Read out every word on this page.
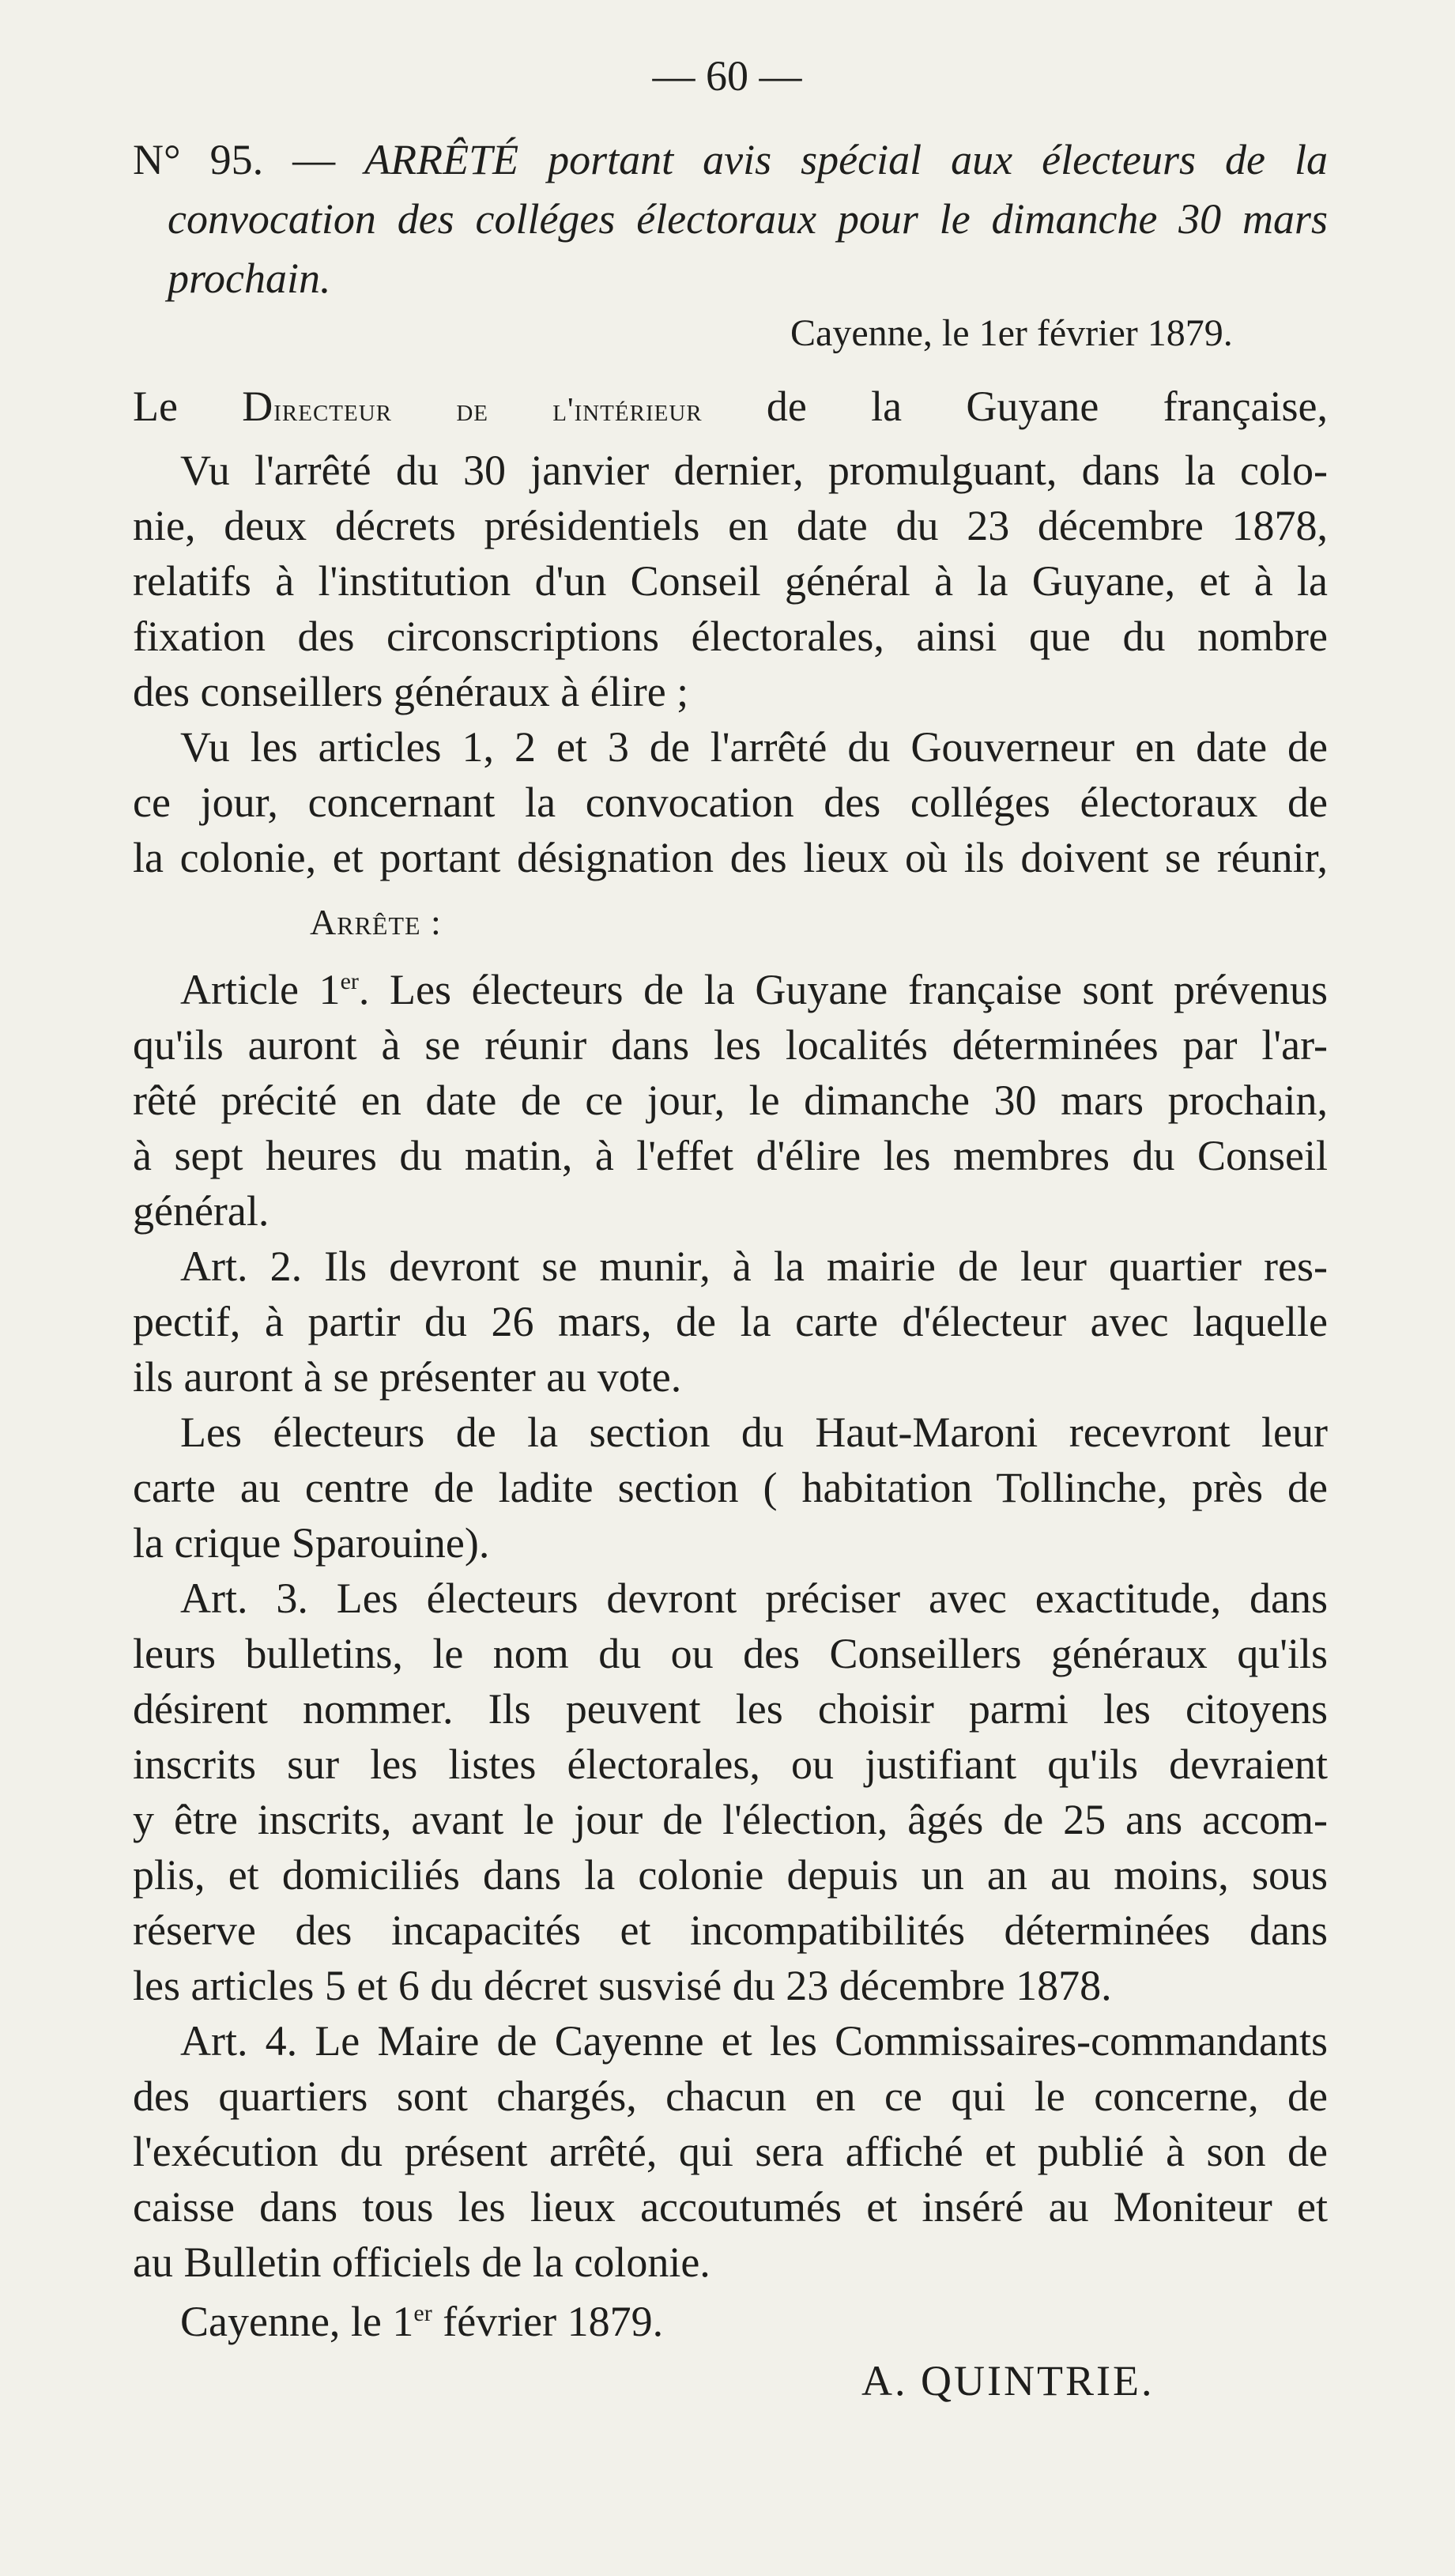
— 60 —
N° 95. — ARRÊTÉ portant avis spécial aux électeurs de la
convocation des colléges électoraux pour le dimanche 30 mars
prochain.
Cayenne, le 1er février 1879.
Le Directeur de l'intérieur de la Guyane française,
Vu l'arrêté du 30 janvier dernier, promulguant, dans la colo-
nie, deux décrets présidentiels en date du 23 décembre 1878,
relatifs à l'institution d'un Conseil général à la Guyane, et à la
fixation des circonscriptions électorales, ainsi que du nombre
des conseillers généraux à élire ;
Vu les articles 1, 2 et 3 de l'arrêté du Gouverneur en date de
ce jour, concernant la convocation des colléges électoraux de
la colonie, et portant désignation des lieux où ils doivent se réunir,
Arrête :
Article 1er. Les électeurs de la Guyane française sont prévenus
qu'ils auront à se réunir dans les localités déterminées par l'ar-
rêté précité en date de ce jour, le dimanche 30 mars prochain,
à sept heures du matin, à l'effet d'élire les membres du Conseil
général.
Art. 2. Ils devront se munir, à la mairie de leur quartier res-
pectif, à partir du 26 mars, de la carte d'électeur avec laquelle
ils auront à se présenter au vote.
Les électeurs de la section du Haut-Maroni recevront leur
carte au centre de ladite section ( habitation Tollinche, près de
la crique Sparouine).
Art. 3. Les électeurs devront préciser avec exactitude, dans
leurs bulletins, le nom du ou des Conseillers généraux qu'ils
désirent nommer. Ils peuvent les choisir parmi les citoyens
inscrits sur les listes électorales, ou justifiant qu'ils devraient
y être inscrits, avant le jour de l'élection, âgés de 25 ans accom-
plis, et domiciliés dans la colonie depuis un an au moins, sous
réserve des incapacités et incompatibilités déterminées dans
les articles 5 et 6 du décret susvisé du 23 décembre 1878.
Art. 4. Le Maire de Cayenne et les Commissaires-commandants
des quartiers sont chargés, chacun en ce qui le concerne, de
l'exécution du présent arrêté, qui sera affiché et publié à son de
caisse dans tous les lieux accoutumés et inséré au Moniteur et
au Bulletin officiels de la colonie.
Cayenne, le 1er février 1879.
A. QUINTRIE.
